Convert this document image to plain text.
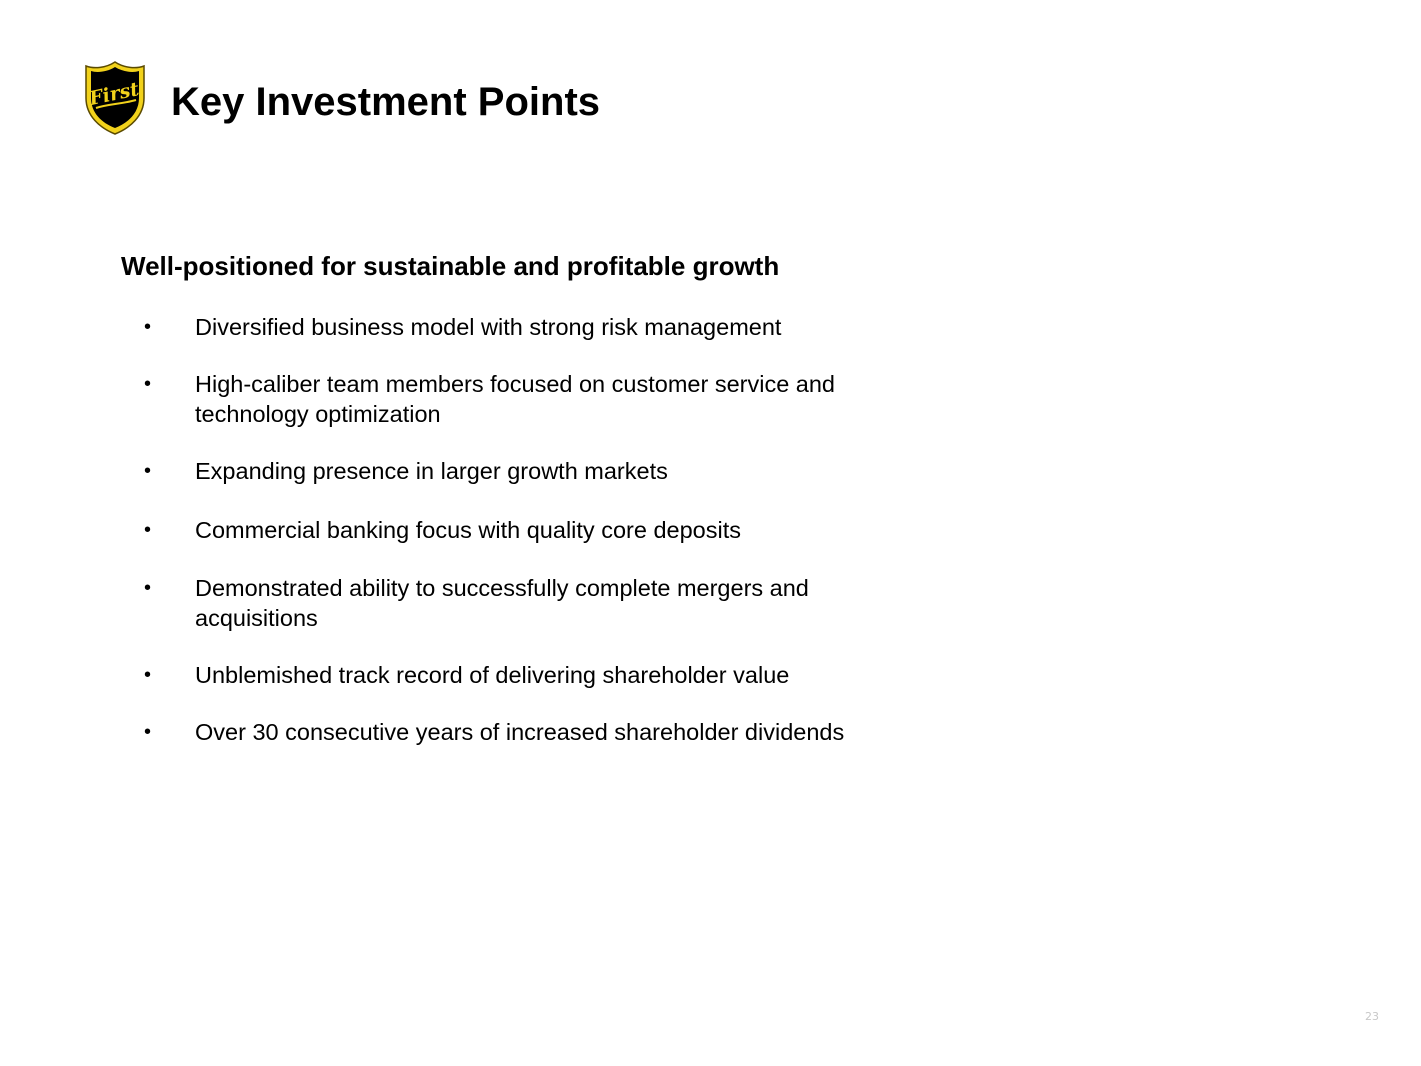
First Key Investment Points
Well-positioned for sustainable and profitable growth
• Diversified business model with strong risk management
• High-caliber team members focused on customer service and technology optimization
• Expanding presence in larger growth markets
• Commercial banking focus with quality core deposits
• Demonstrated ability to successfully complete mergers and acquisitions
• Unblemished track record of delivering shareholder value
• Over 30 consecutive years of increased shareholder dividends
23
